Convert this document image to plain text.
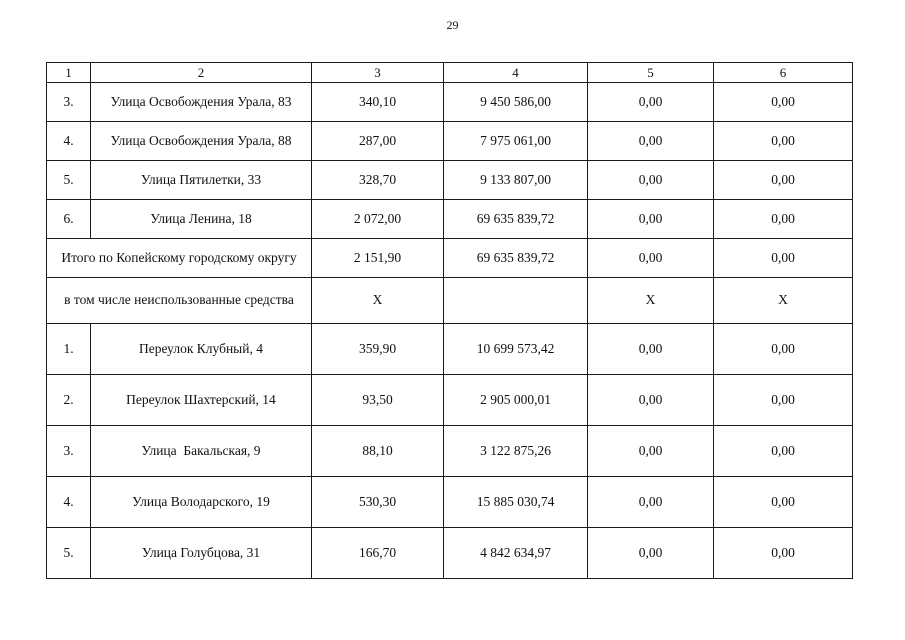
29
1	2	3	4	5	6
3.	Улица Освобождения Урала, 83	340,10	9 450 586,00	0,00	0,00
4.	Улица Освобождения Урала, 88	287,00	7 975 061,00	0,00	0,00
5.	Улица Пятилетки, 33	328,70	9 133 807,00	0,00	0,00
6.	Улица Ленина, 18	2 072,00	69 635 839,72	0,00	0,00
Итого по Копейскому городскому округу		2 151,90	69 635 839,72	0,00	0,00
в том числе неиспользованные средства		X		X	X
1.	Переулок Клубный, 4	359,90	10 699 573,42	0,00	0,00
2.	Переулок Шахтерский, 14	93,50	2 905 000,01	0,00	0,00
3.	Улица  Бакальская, 9	88,10	3 122 875,26	0,00	0,00
4.	Улица Володарского, 19	530,30	15 885 030,74	0,00	0,00
5.	Улица Голубцова, 31	166,70	4 842 634,97	0,00	0,00
